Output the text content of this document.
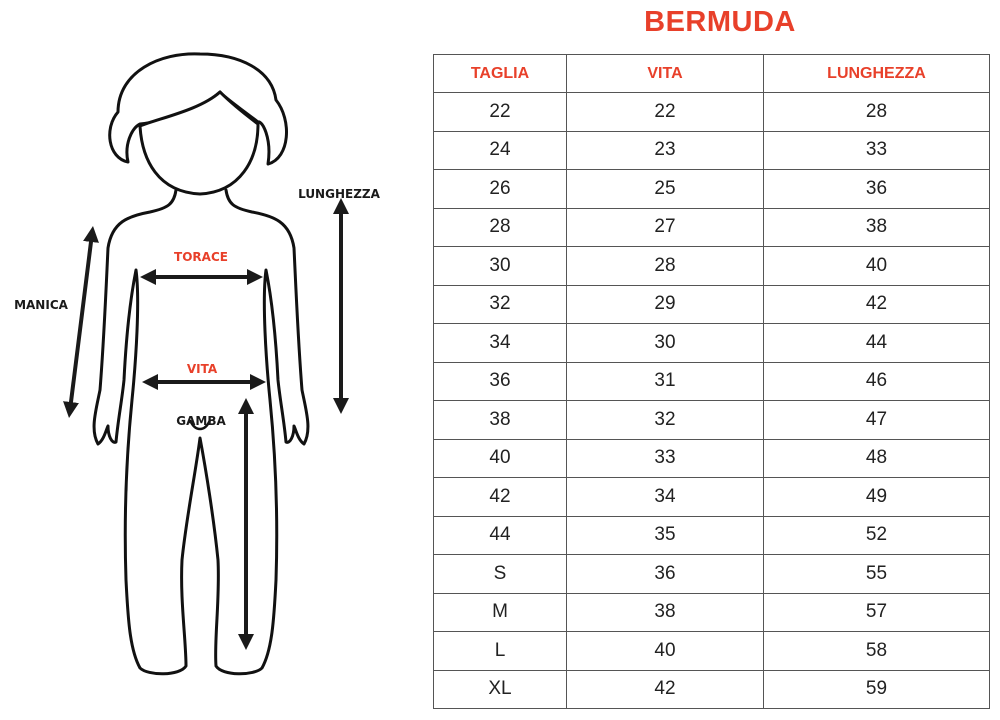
TORACE
VITA
MANICA
LUNGHEZZA
GAMBA
BERMUDA
TAGLIA	VITA	LUNGHEZZA
22	22	28
24	23	33
26	25	36
28	27	38
30	28	40
32	29	42
34	30	44
36	31	46
38	32	47
40	33	48
42	34	49
44	35	52
S	36	55
M	38	57
L	40	58
XL	42	59
